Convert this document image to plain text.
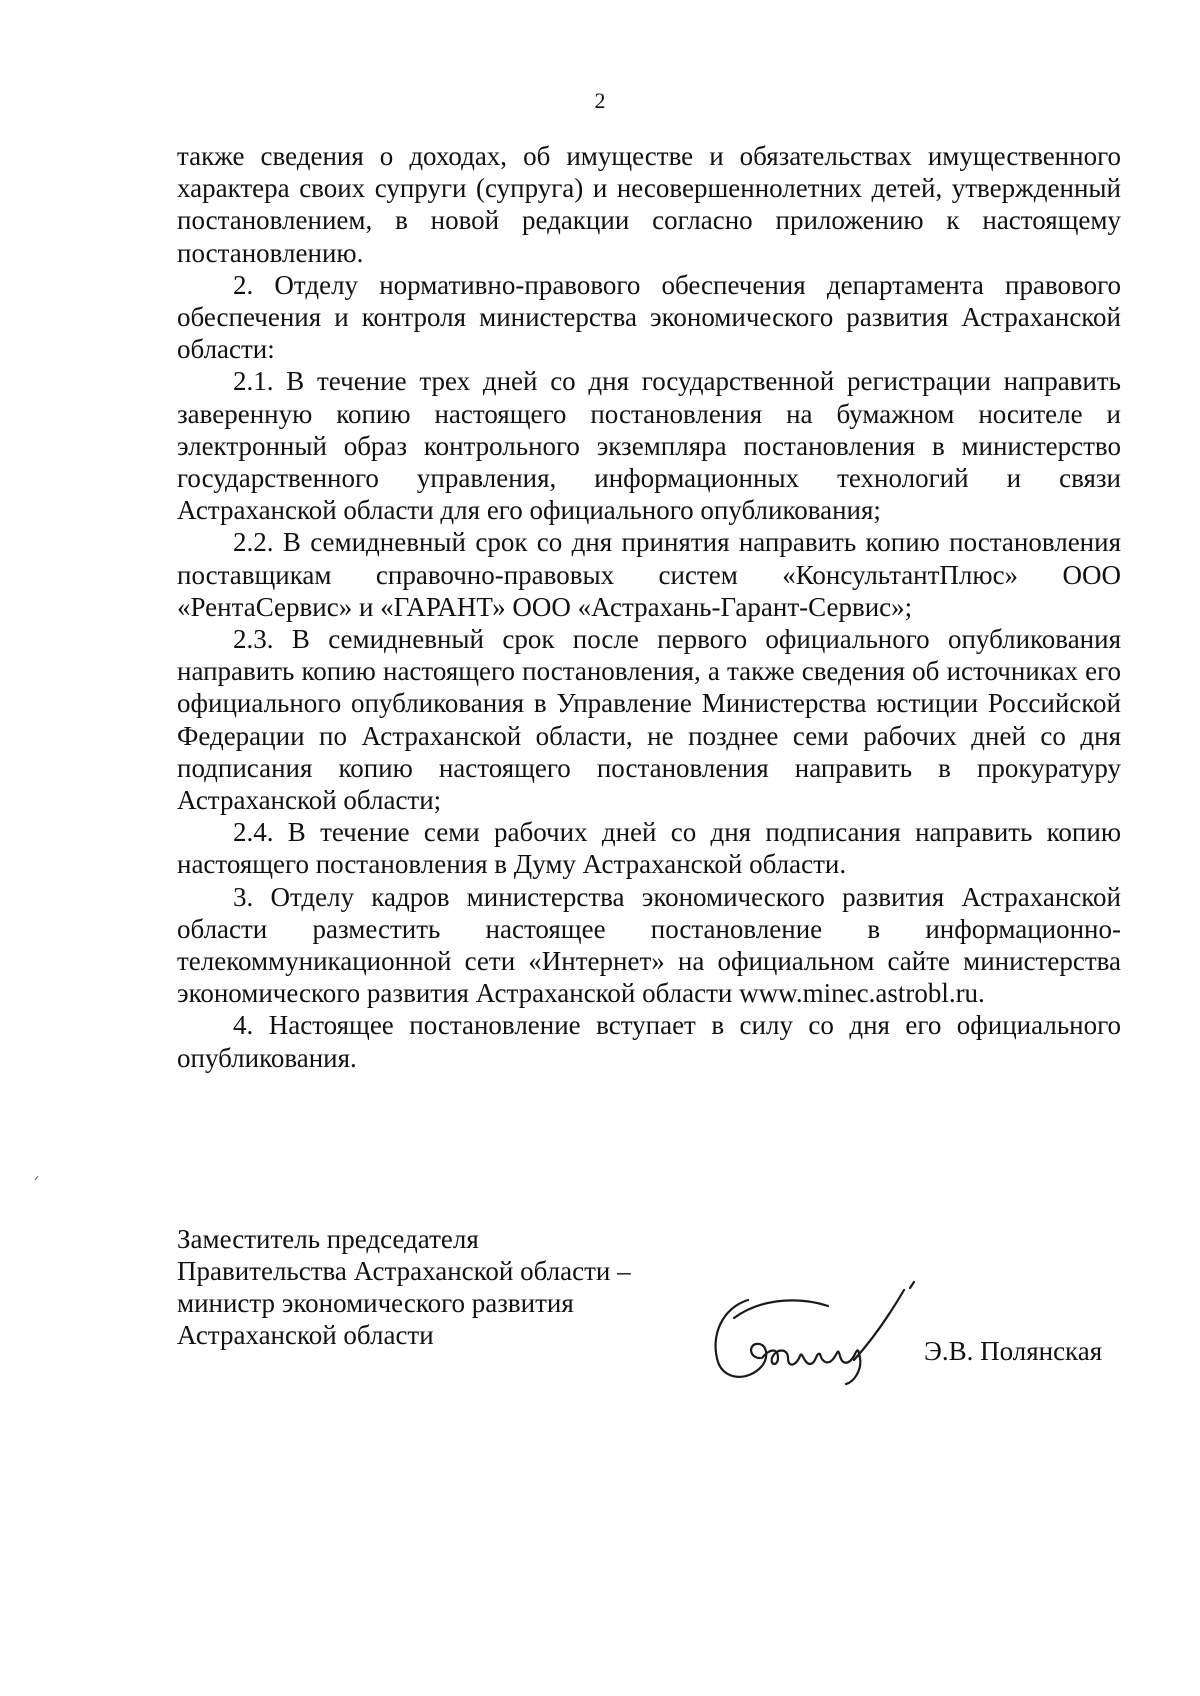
2

также сведения о доходах, об имуществе и обязательствах имущественного характера своих супруги (супруга) и несовершеннолетних детей, утвержденный постановлением, в новой редакции согласно приложению к настоящему постановлению.

2. Отделу нормативно-правового обеспечения департамента правового обеспечения и контроля министерства экономического развития Астраханской области:

2.1. В течение трех дней со дня государственной регистрации направить заверенную копию настоящего постановления на бумажном носителе и электронный образ контрольного экземпляра постановления в министерство государственного управления, информационных технологий и связи Астраханской области для его официального опубликования;

2.2. В семидневный срок со дня принятия направить копию постановления поставщикам справочно-правовых систем «КонсультантПлюс» ООО «РентаСервис» и «ГАРАНТ» ООО «Астрахань-Гарант-Сервис»;

2.3. В семидневный срок после первого официального опубликования направить копию настоящего постановления, а также сведения об источниках его официального опубликования в Управление Министерства юстиции Российской Федерации по Астраханской области, не позднее семи рабочих дней со дня подписания копию настоящего постановления направить в прокуратуру Астраханской области;

2.4. В течение семи рабочих дней со дня подписания направить копию настоящего постановления в Думу Астраханской области.

3. Отделу кадров министерства экономического развития Астраханской области разместить настоящее постановление в информационно-телекоммуникационной сети «Интернет» на официальном сайте министерства экономического развития Астраханской области www.minec.astrobl.ru.

4. Настоящее постановление вступает в силу со дня его официального опубликования.

Заместитель председателя
Правительства Астраханской области –
министр экономического развития
Астраханской области
Э.В. Полянская
